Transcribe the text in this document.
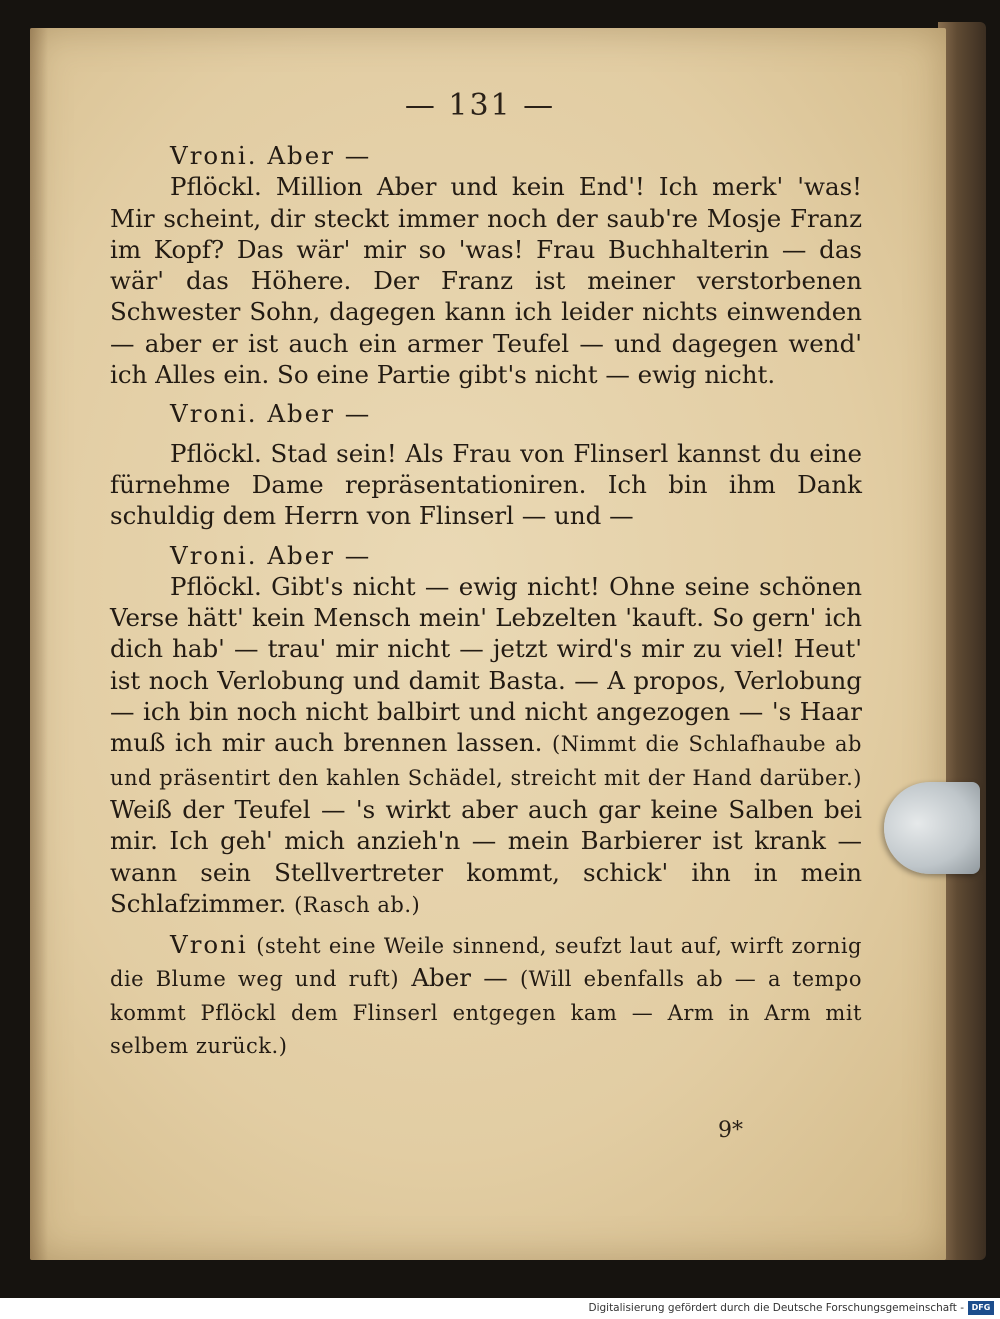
— 131 —

Vroni. Aber —

Pflöckl. Million Aber und kein End'! Ich merk' 'was! Mir scheint, dir steckt immer noch der saub're Mosje Franz im Kopf? Das wär' mir so 'was! Frau Buchhalterin — das wär' das Höhere. Der Franz ist meiner verstorbenen Schwester Sohn, dagegen kann ich leider nichts einwenden — aber er ist auch ein armer Teufel — und dagegen wend' ich Alles ein. So eine Partie gibt's nicht — ewig nicht.

Vroni. Aber —

Pflöckl. Stad sein! Als Frau von Flinserl kannst du eine fürnehme Dame repräsentationiren. Ich bin ihm Dank schuldig dem Herrn von Flinserl — und —

Vroni. Aber —

Pflöckl. Gibt's nicht — ewig nicht! Ohne seine schönen Verse hätt' kein Mensch mein' Lebzelten 'kauft. So gern' ich dich hab' — trau' mir nicht — jetzt wird's mir zu viel! Heut' ist noch Verlobung und damit Basta. — A propos, Verlobung — ich bin noch nicht balbirt und nicht angezogen — 's Haar muß ich mir auch brennen lassen. (Nimmt die Schlafhaube ab und präsentirt den kahlen Schädel, streicht mit der Hand darüber.) Weiß der Teufel — 's wirkt aber auch gar keine Salben bei mir. Ich geh' mich anzieh'n — mein Barbierer ist krank — wann sein Stellvertreter kommt, schick' ihn in mein Schlafzimmer. (Rasch ab.)

Vroni (steht eine Weile sinnend, seufzt laut auf, wirft zornig die Blume weg und ruft) Aber — (Will ebenfalls ab — a tempo kommt Pflöckl dem Flinserl entgegen kam — Arm in Arm mit selbem zurück.)

9*
Digitalisierung gefördert durch die Deutsche Forschungsgemeinschaft - DFG
